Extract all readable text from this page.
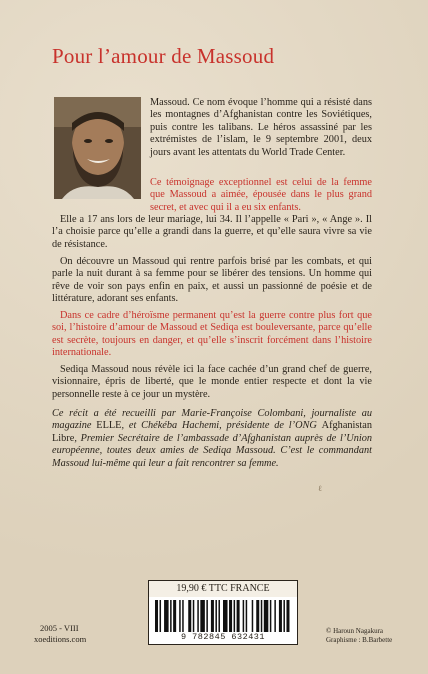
Pour l’amour de Massoud
Massoud. Ce nom évoque l’homme qui a résisté dans les montagnes d’Afghanistan contre les Soviétiques, puis contre les talibans. Le héros assassiné par les extrémistes de l’islam, le 9 septembre 2001, deux jours avant les attentats du World Trade Center.
Ce témoignage exceptionnel est celui de la femme que Massoud a aimée, épousée dans le plus grand secret, et avec qui il a eu six enfants.
Elle a 17 ans lors de leur mariage, lui 34. Il l’appelle « Pari », « Ange ». Il l’a choisie parce qu’elle a grandi dans la guerre, et qu’elle saura vivre sa vie de résistance.
On découvre un Massoud qui rentre parfois brisé par les combats, et qui parle la nuit durant à sa femme pour se libérer des tensions. Un homme qui rêve de voir son pays enfin en paix, et aussi un passionné de poésie et de littérature, adorant ses enfants.
Dans ce cadre d’héroïsme permanent qu’est la guerre contre plus fort que soi, l’histoire d’amour de Massoud et Sediqa est bouleversante, parce qu’elle est secrète, toujours en danger, et qu’elle s’inscrit forcément dans l’histoire internationale.
Sediqa Massoud nous révèle ici la face cachée d’un grand chef de guerre, visionnaire, épris de liberté, que le monde entier respecte et dont la vie personnelle reste à ce jour un mystère.
Ce récit a été recueilli par Marie-Françoise Colombani, journaliste au magazine ELLE, et Chékéba Hachemi, présidente de l’ONG Afghanistan Libre, Premier Secrétaire de l’ambassade d’Afghanistan auprès de l’Union européenne, toutes deux amies de Sediqa Massoud. C’est le commandant Massoud lui-même qui leur a fait rencontrer sa femme.
ℓ
19,90 € TTC FRANCE
9 782845 632431
2005 - VIII
xoeditions.com
© Haroun Nagakura
Graphisme : B.Barbette
